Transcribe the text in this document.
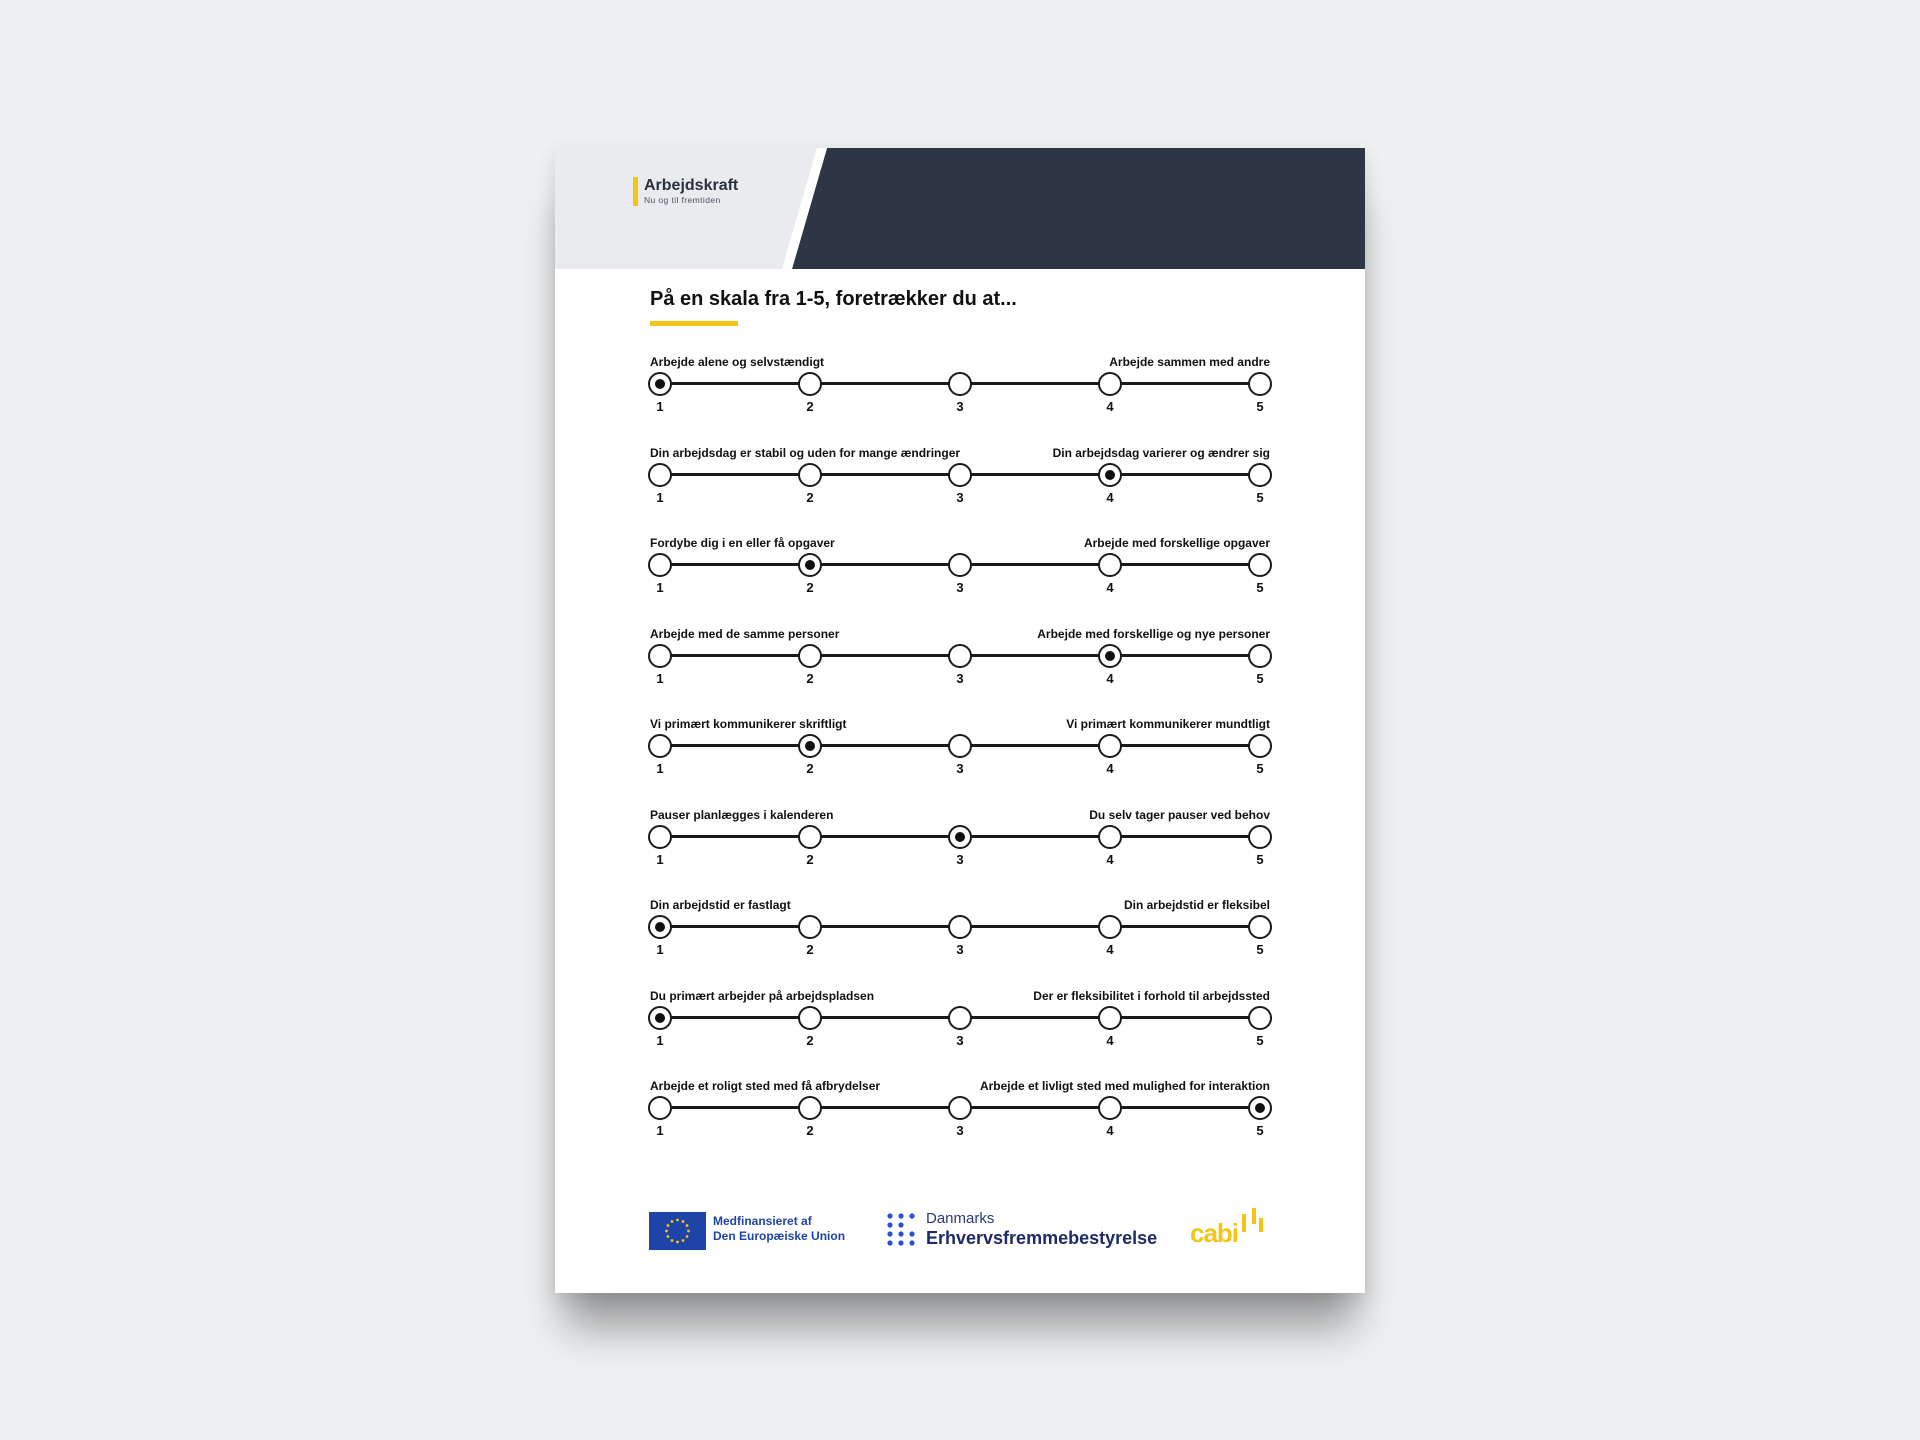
Arbejdskraft
Nu og til fremtiden
På en skala fra 1-5, foretrækker du at...
Arbejde alene og selvstændigt	Arbejde sammen med andre
1	2	3	4	5
Din arbejdsdag er stabil og uden for mange ændringer	Din arbejdsdag varierer og ændrer sig
1	2	3	4	5
Fordybe dig i en eller få opgaver	Arbejde med forskellige opgaver
1	2	3	4	5
Arbejde med de samme personer	Arbejde med forskellige og nye personer
1	2	3	4	5
Vi primært kommunikerer skriftligt	Vi primært kommunikerer mundtligt
1	2	3	4	5
Pauser planlægges i kalenderen	Du selv tager pauser ved behov
1	2	3	4	5
Din arbejdstid er fastlagt	Din arbejdstid er fleksibel
1	2	3	4	5
Du primært arbejder på arbejdspladsen	Der er fleksibilitet i forhold til arbejdssted
1	2	3	4	5
Arbejde et roligt sted med få afbrydelser	Arbejde et livligt sted med mulighed for interaktion
1	2	3	4	5
Medfinansieret af
Den Europæiske Union
Danmarks
Erhvervsfremmebestyrelse cabi
